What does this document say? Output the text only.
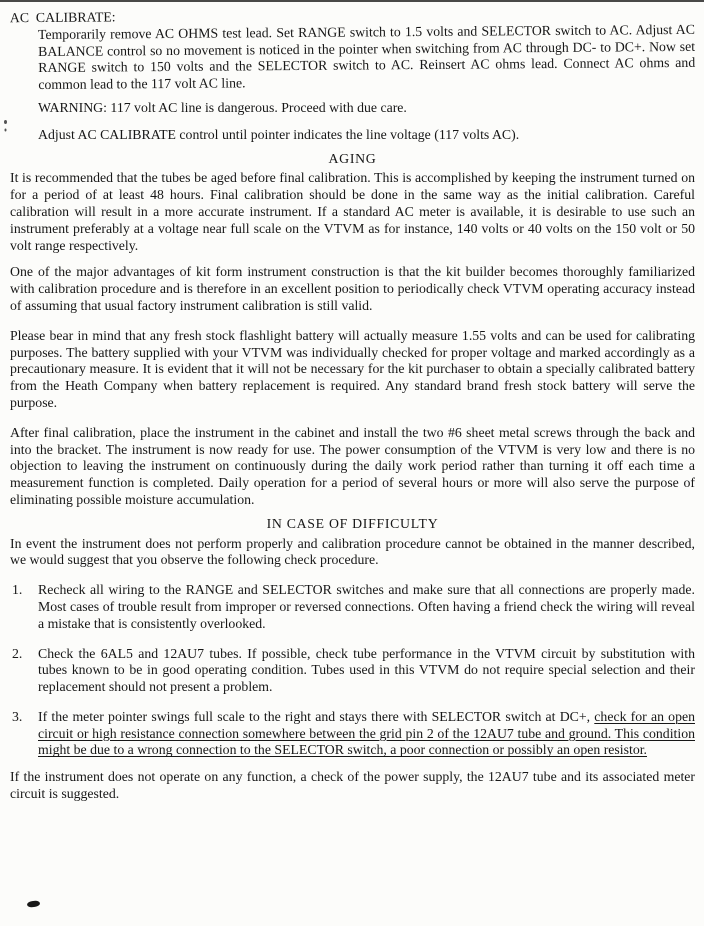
AC  CALIBRATE:

Temporarily remove AC OHMS test lead. Set RANGE switch to 1.5 volts and SELECTOR switch to AC. Adjust AC BALANCE control so no movement is noticed in the pointer when switching from AC through DC- to DC+. Now set RANGE switch to 150 volts and the SELECTOR switch to AC. Reinsert AC ohms lead. Connect AC ohms and common lead to the 117 volt AC line.

WARNING: 117 volt AC line is dangerous. Proceed with due care.

Adjust AC CALIBRATE control until pointer indicates the line voltage (117 volts AC).

AGING

It is recommended that the tubes be aged before final calibration. This is accomplished by keeping the instrument turned on for a period of at least 48 hours. Final calibration should be done in the same way as the initial calibration. Careful calibration will result in a more accurate instrument. If a standard AC meter is available, it is desirable to use such an instrument preferably at a voltage near full scale on the VTVM as for instance, 140 volts or 40 volts on the 150 volt or 50 volt range respectively.

One of the major advantages of kit form instrument construction is that the kit builder becomes thoroughly familiarized with calibration procedure and is therefore in an excellent position to periodically check VTVM operating accuracy instead of assuming that usual factory instrument calibration is still valid.

Please bear in mind that any fresh stock flashlight battery will actually measure 1.55 volts and can be used for calibrating purposes. The battery supplied with your VTVM was individually checked for proper voltage and marked accordingly as a precautionary measure. It is evident that it will not be necessary for the kit purchaser to obtain a specially calibrated battery from the Heath Company when battery replacement is required. Any standard brand fresh stock battery will serve the purpose.

After final calibration, place the instrument in the cabinet and install the two #6 sheet metal screws through the back and into the bracket. The instrument is now ready for use. The power consumption of the VTVM is very low and there is no objection to leaving the instrument on continuously during the daily work period rather than turning it off each time a measurement function is completed. Daily operation for a period of several hours or more will also serve the purpose of eliminating possible moisture accumulation.

IN CASE OF DIFFICULTY

In event the instrument does not perform properly and calibration procedure cannot be obtained in the manner described, we would suggest that you observe the following check procedure.

1. Recheck all wiring to the RANGE and SELECTOR switches and make sure that all connections are properly made. Most cases of trouble result from improper or reversed connections. Often having a friend check the wiring will reveal a mistake that is consistently overlooked.

2. Check the 6AL5 and 12AU7 tubes. If possible, check tube performance in the VTVM circuit by substitution with tubes known to be in good operating condition. Tubes used in this VTVM do not require special selection and their replacement should not present a problem.

3. If the meter pointer swings full scale to the right and stays there with SELECTOR switch at DC+, check for an open circuit or high resistance connection somewhere between the grid pin 2 of the 12AU7 tube and ground. This condition might be due to a wrong connection to the SELECTOR switch, a poor connection or possibly an open resistor.

If the instrument does not operate on any function, a check of the power supply, the 12AU7 tube and its associated meter circuit is suggested.
